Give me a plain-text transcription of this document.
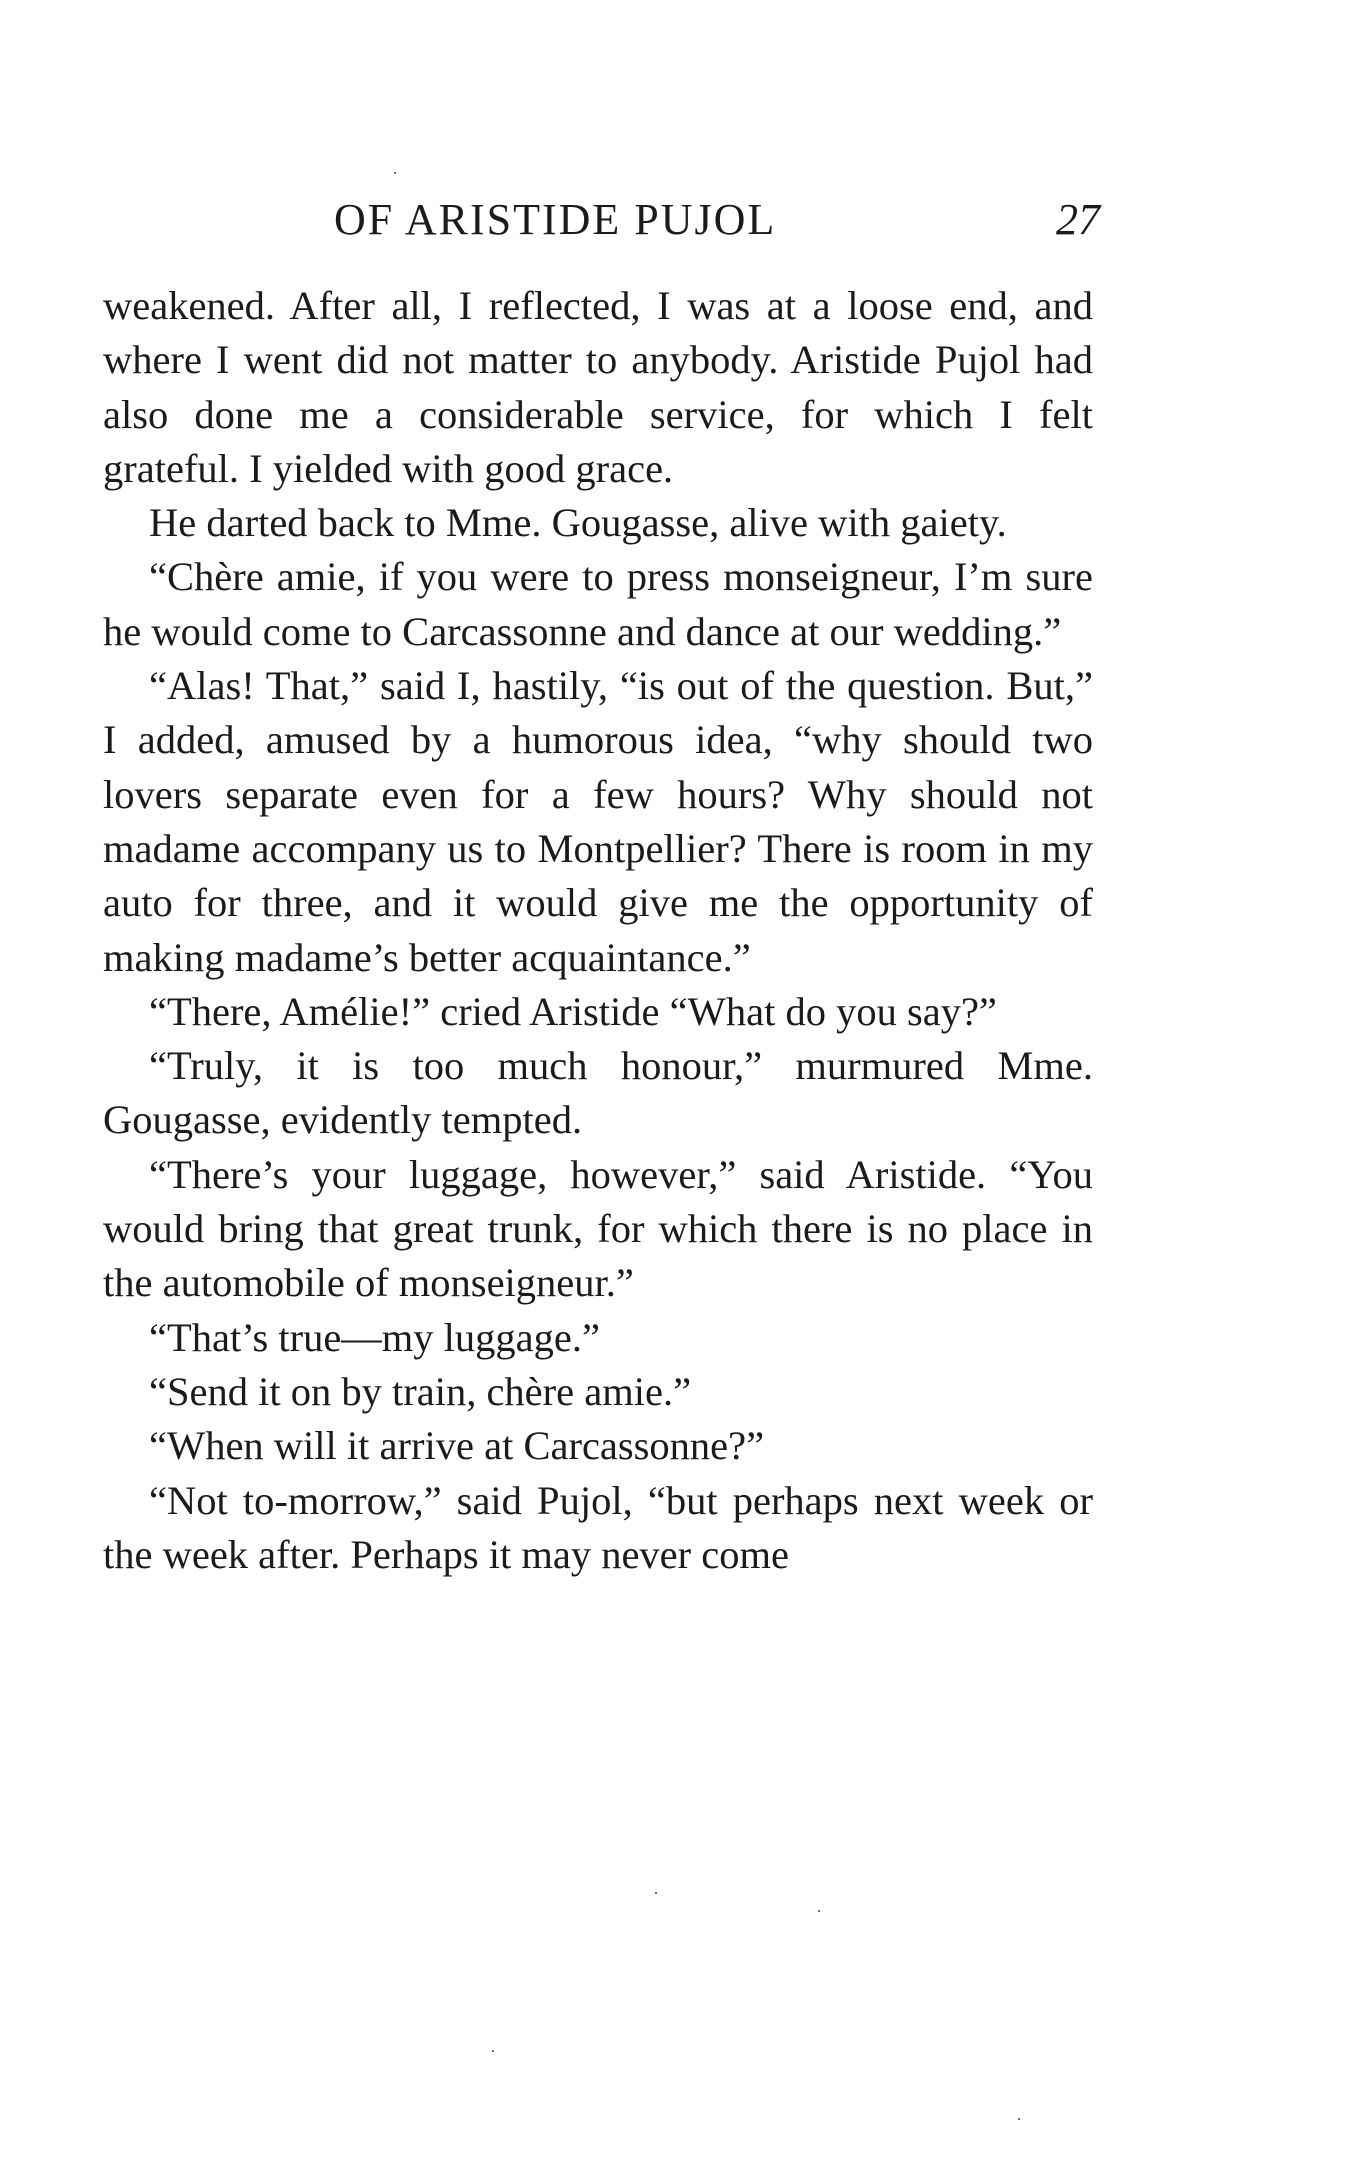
OF ARISTIDE PUJOL	27

weakened. After all, I reflected, I was at a loose end, and where I went did not matter to anybody. Aristide Pujol had also done me a considerable service, for which I felt grateful. I yielded with good grace.

He darted back to Mme. Gougasse, alive with gaiety.

“Chère amie, if you were to press monseigneur, I’m sure he would come to Carcassonne and dance at our wedding.”

“Alas! That,” said I, hastily, “is out of the question. But,” I added, amused by a humorous idea, “why should two lovers separate even for a few hours? Why should not madame accompany us to Montpellier? There is room in my auto for three, and it would give me the opportunity of making madame’s better acquaintance.”

“There, Amélie!” cried Aristide “What do you say?”

“Truly, it is too much honour,” murmured Mme. Gougasse, evidently tempted.

“There’s your luggage, however,” said Aristide. “You would bring that great trunk, for which there is no place in the automobile of monseigneur.”

“That’s true—my luggage.”

“Send it on by train, chère amie.”

“When will it arrive at Carcassonne?”

“Not to-morrow,” said Pujol, “but perhaps next week or the week after. Perhaps it may never come
